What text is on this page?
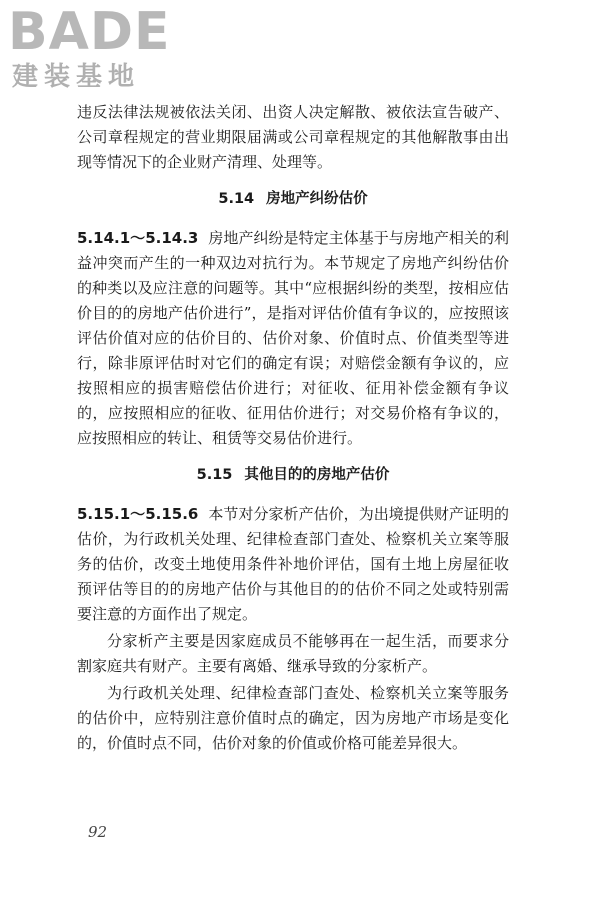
BADE
建装基地

违反法律法规被依法关闭、出资人决定解散、被依法宣告破产、公司章程规定的营业期限届满或公司章程规定的其他解散事由出现等情况下的企业财产清理、处理等。

5.14 房地产纠纷估价

5.14.1～5.14.3 房地产纠纷是特定主体基于与房地产相关的利益冲突而产生的一种双边对抗行为。本节规定了房地产纠纷估价的种类以及应注意的问题等。其中“应根据纠纷的类型，按相应估价目的的房地产估价进行”，是指对评估价值有争议的，应按照该评估价值对应的估价目的、估价对象、价值时点、价值类型等进行，除非原评估时对它们的确定有误；对赔偿金额有争议的，应按照相应的损害赔偿估价进行；对征收、征用补偿金额有争议的，应按照相应的征收、征用估价进行；对交易价格有争议的，应按照相应的转让、租赁等交易估价进行。

5.15 其他目的的房地产估价

5.15.1～5.15.6 本节对分家析产估价，为出境提供财产证明的估价，为行政机关处理、纪律检查部门查处、检察机关立案等服务的估价，改变土地使用条件补地价评估，国有土地上房屋征收预评估等目的的房地产估价与其他目的的估价不同之处或特别需要注意的方面作出了规定。

分家析产主要是因家庭成员不能够再在一起生活，而要求分割家庭共有财产。主要有离婚、继承导致的分家析产。

为行政机关处理、纪律检查部门查处、检察机关立案等服务的估价中，应特别注意价值时点的确定，因为房地产市场是变化的，价值时点不同，估价对象的价值或价格可能差异很大。

92
